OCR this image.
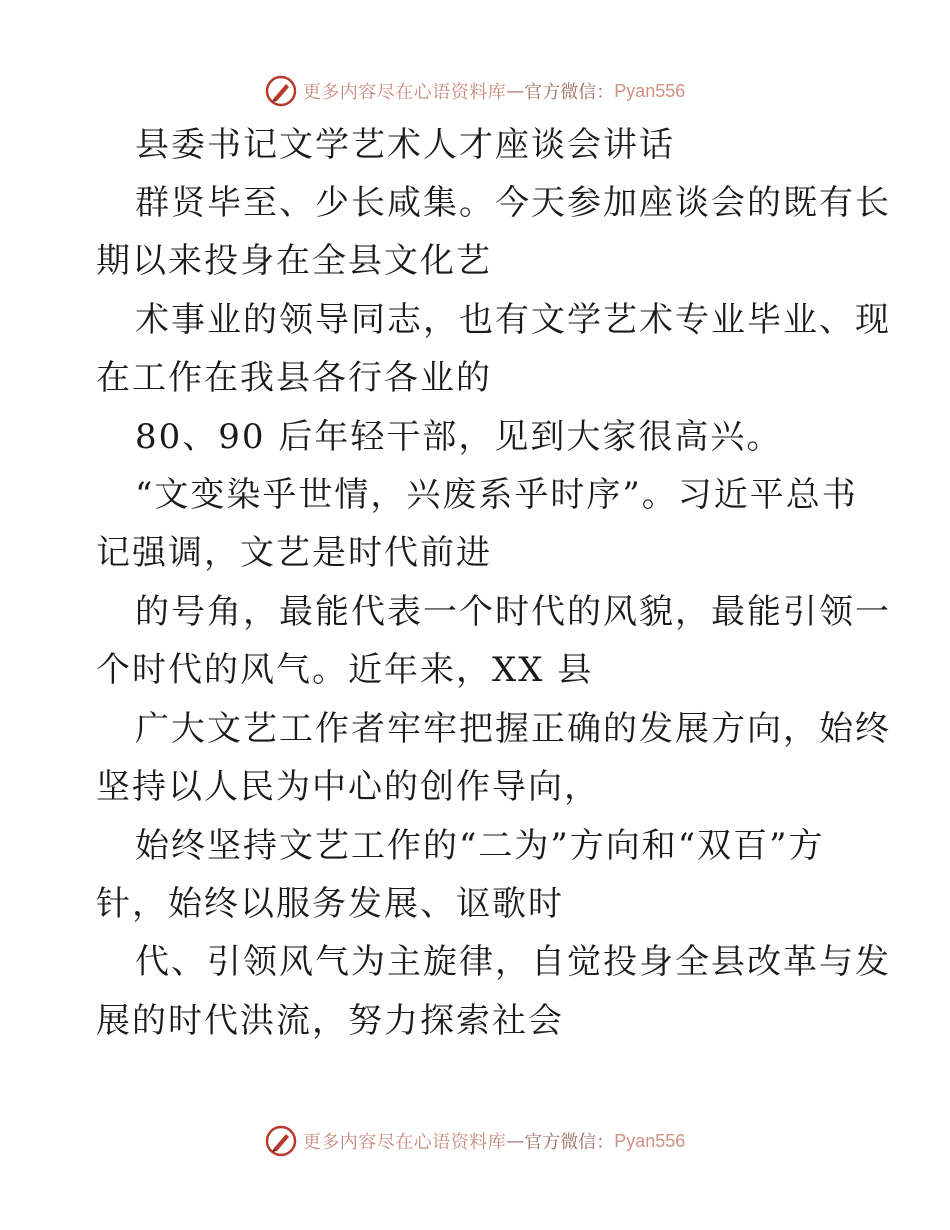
更多内容尽在心语资料库 — 官方微信： Pyan556
县委书记文学艺术人才座谈会讲话
群贤毕至、少长咸集。今天参加座谈会的既有长
期以来投身在全县文化艺
术事业的领导同志，也有文学艺术专业毕业、现
在工作在我县各行各业的
80、90 后年轻干部，见到大家很高兴。
“文变染乎世情，兴废系乎时序”。习近平总书
记强调，文艺是时代前进
的号角，最能代表一个时代的风貌，最能引领一
个时代的风气。近年来，XX 县
广大文艺工作者牢牢把握正确的发展方向，始终
坚持以人民为中心的创作导向，
始终坚持文艺工作的“二为”方向和“双百”方
针，始终以服务发展、讴歌时
代、引领风气为主旋律，自觉投身全县改革与发
展的时代洪流，努力探索社会
更多内容尽在心语资料库 — 官方微信： Pyan556
